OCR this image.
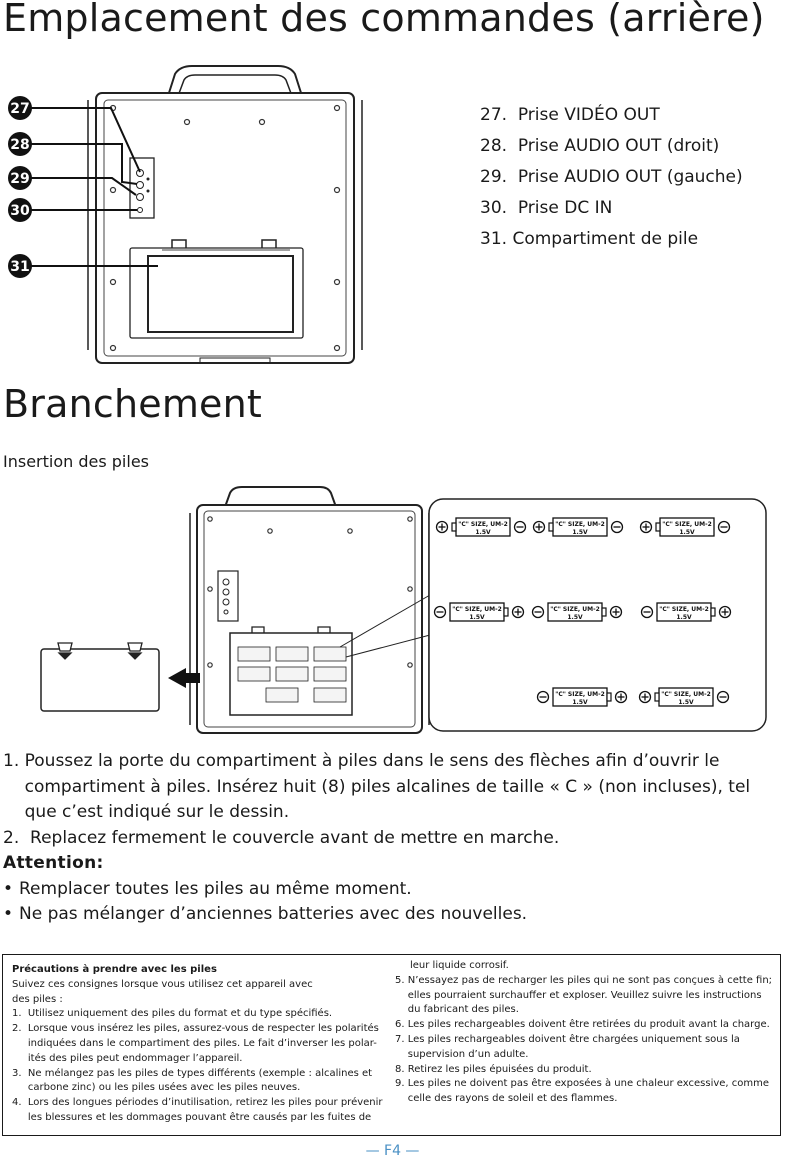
Emplacement des commandes (arrière)
27
28
29
30
31
27. Prise VIDÉO OUT
28. Prise AUDIO OUT (droit)
29. Prise AUDIO OUT (gauche)
30. Prise DC IN
31. Compartiment de pile
Branchement
Insertion des piles
"C" SIZE, UM-2
1.5V
"C" SIZE, UM-2
1.5V
"C" SIZE, UM-2
1.5V
"C" SIZE, UM-2
1.5V
"C" SIZE, UM-2
1.5V
"C" SIZE, UM-2
1.5V
"C" SIZE, UM-2
1.5V
"C" SIZE, UM-2
1.5V
1. Poussez la porte du compartiment à piles dans le sens des flèches afin d’ouvrir le compartiment à piles. Insérez huit (8) piles alcalines de taille « C » (non incluses), tel que c’est indiqué sur le dessin.
2. Replacez fermement le couvercle avant de mettre en marche.
Attention:
• Remplacer toutes les piles au même moment.
• Ne pas mélanger d’anciennes batteries avec des nouvelles.
Précautions à prendre avec les piles
Suivez ces consignes lorsque vous utilisez cet appareil avec des piles :
1. Utilisez uniquement des piles du format et du type spécifiés.
2. Lorsque vous insérez les piles, assurez-vous de respecter les polarités indiquées dans le compartiment des piles. Le fait d’inverser les polar-ités des piles peut endommager l’appareil.
3. Ne mélangez pas les piles de types différents (exemple : alcalines et carbone zinc) ou les piles usées avec les piles neuves.
4. Lors des longues périodes d’inutilisation, retirez les piles pour prévenir les blessures et les dommages pouvant être causés par les fuites de
leur liquide corrosif.
5. N’essayez pas de recharger les piles qui ne sont pas conçues à cette fin; elles pourraient surchauffer et exploser. Veuillez suivre les instructions du fabricant des piles.
6. Les piles rechargeables doivent être retirées du produit avant la charge.
7. Les piles rechargeables doivent être chargées uniquement sous la supervision d’un adulte.
8. Retirez les piles épuisées du produit.
9. Les piles ne doivent pas être exposées à une chaleur excessive, comme celle des rayons de soleil et des flammes.
— F4 —
